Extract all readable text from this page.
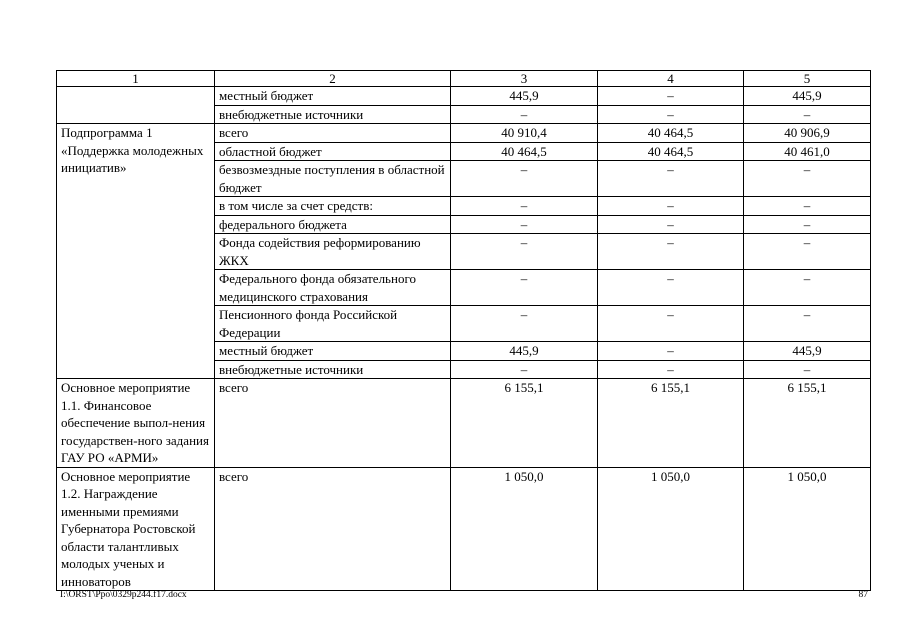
1	2	3	4	5
	местный бюджет	445,9	–	445,9
	внебюджетные источники	–	–	–
Подпрограмма 1 «Поддержка молодежных инициатив»	всего	40 910,4	40 464,5	40 906,9
	областной бюджет	40 464,5	40 464,5	40 461,0
	безвозмездные поступления в областной бюджет	–	–	–
	в том числе за счет средств:	–	–	–
	федерального бюджета	–	–	–
	Фонда содействия реформированию ЖКХ	–	–	–
	Федерального фонда обязательного медицинского страхования	–	–	–
	Пенсионного фонда Российской Федерации	–	–	–
	местный бюджет	445,9	–	445,9
	внебюджетные источники	–	–	–
Основное мероприятие 1.1. Финансовое обеспечение выпол-нения государствен-ного задания ГАУ РО «АРМИ»	всего	6 155,1	6 155,1	6 155,1
Основное мероприятие 1.2. Награждение именными премиями Губернатора Ростовской области талантливых молодых ученых и инноваторов	всего	1 050,0	1 050,0	1 050,0
I:\ORST\Ppo\0329p244.f17.docx	87
